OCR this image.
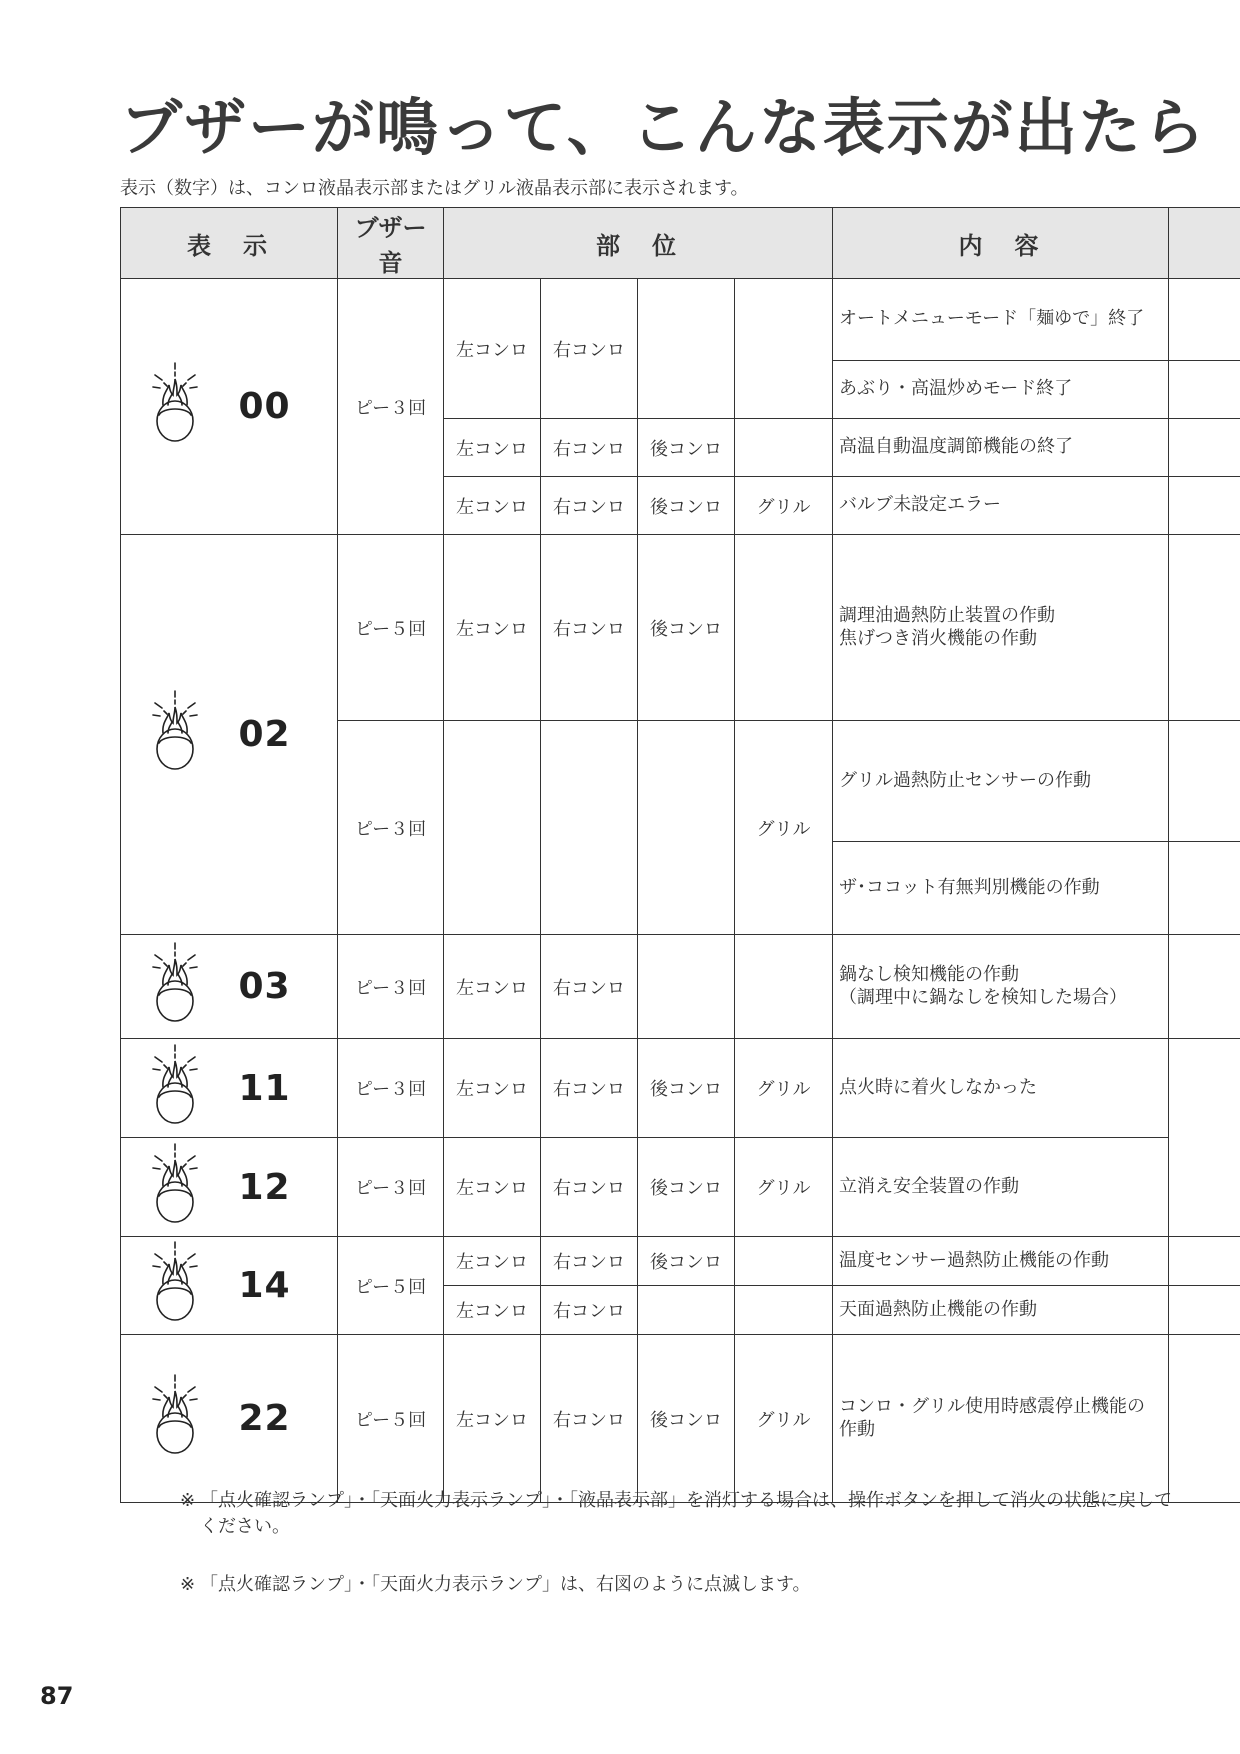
ブザーが鳴って、こんな表示が出たら
表示（数字）は、コンロ液晶表示部またはグリル液晶表示部に表示されます。
表　示		ブザー音	部　位				内　容	
	00	ピー３回	左コンロ	右コンロ			オートメニューモード「麺ゆで」終了	

							あぶり・高温炒めモード終了	

			左コンロ	右コンロ	後コンロ		高温自動温度調節機能の終了	

			左コンロ	右コンロ	後コンロ	グリル	バルブ未設定エラー	

	02	ピー５回	左コンロ	右コンロ	後コンロ		調理油過熱防止装置の作動
焦げつき消火機能の作動	

		ピー３回				グリル	グリル過熱防止センサーの作動	

							ザ･ココット有無判別機能の作動	

	03	ピー３回	左コンロ	右コンロ			鍋なし検知機能の作動
（調理中に鍋なしを検知した場合）	

	11	ピー３回	左コンロ	右コンロ	後コンロ	グリル	点火時に着火しなかった	

	12	ピー３回	左コンロ	右コンロ	後コンロ	グリル	立消え安全装置の作動	

	14	ピー５回	左コンロ	右コンロ	後コンロ		温度センサー過熱防止機能の作動	

			左コンロ	右コンロ			天面過熱防止機能の作動	

	22	ピー５回	左コンロ	右コンロ	後コンロ	グリル	コンロ・グリル使用時感震停止機能の作動	

※ 「点火確認ランプ」・「天面火力表示ランプ」・「液晶表示部」を消灯する場合は、操作ボタンを押して消火の状態に戻してください。
※ 「点火確認ランプ」・「天面火力表示ランプ」は、右図のように点滅します。
87
